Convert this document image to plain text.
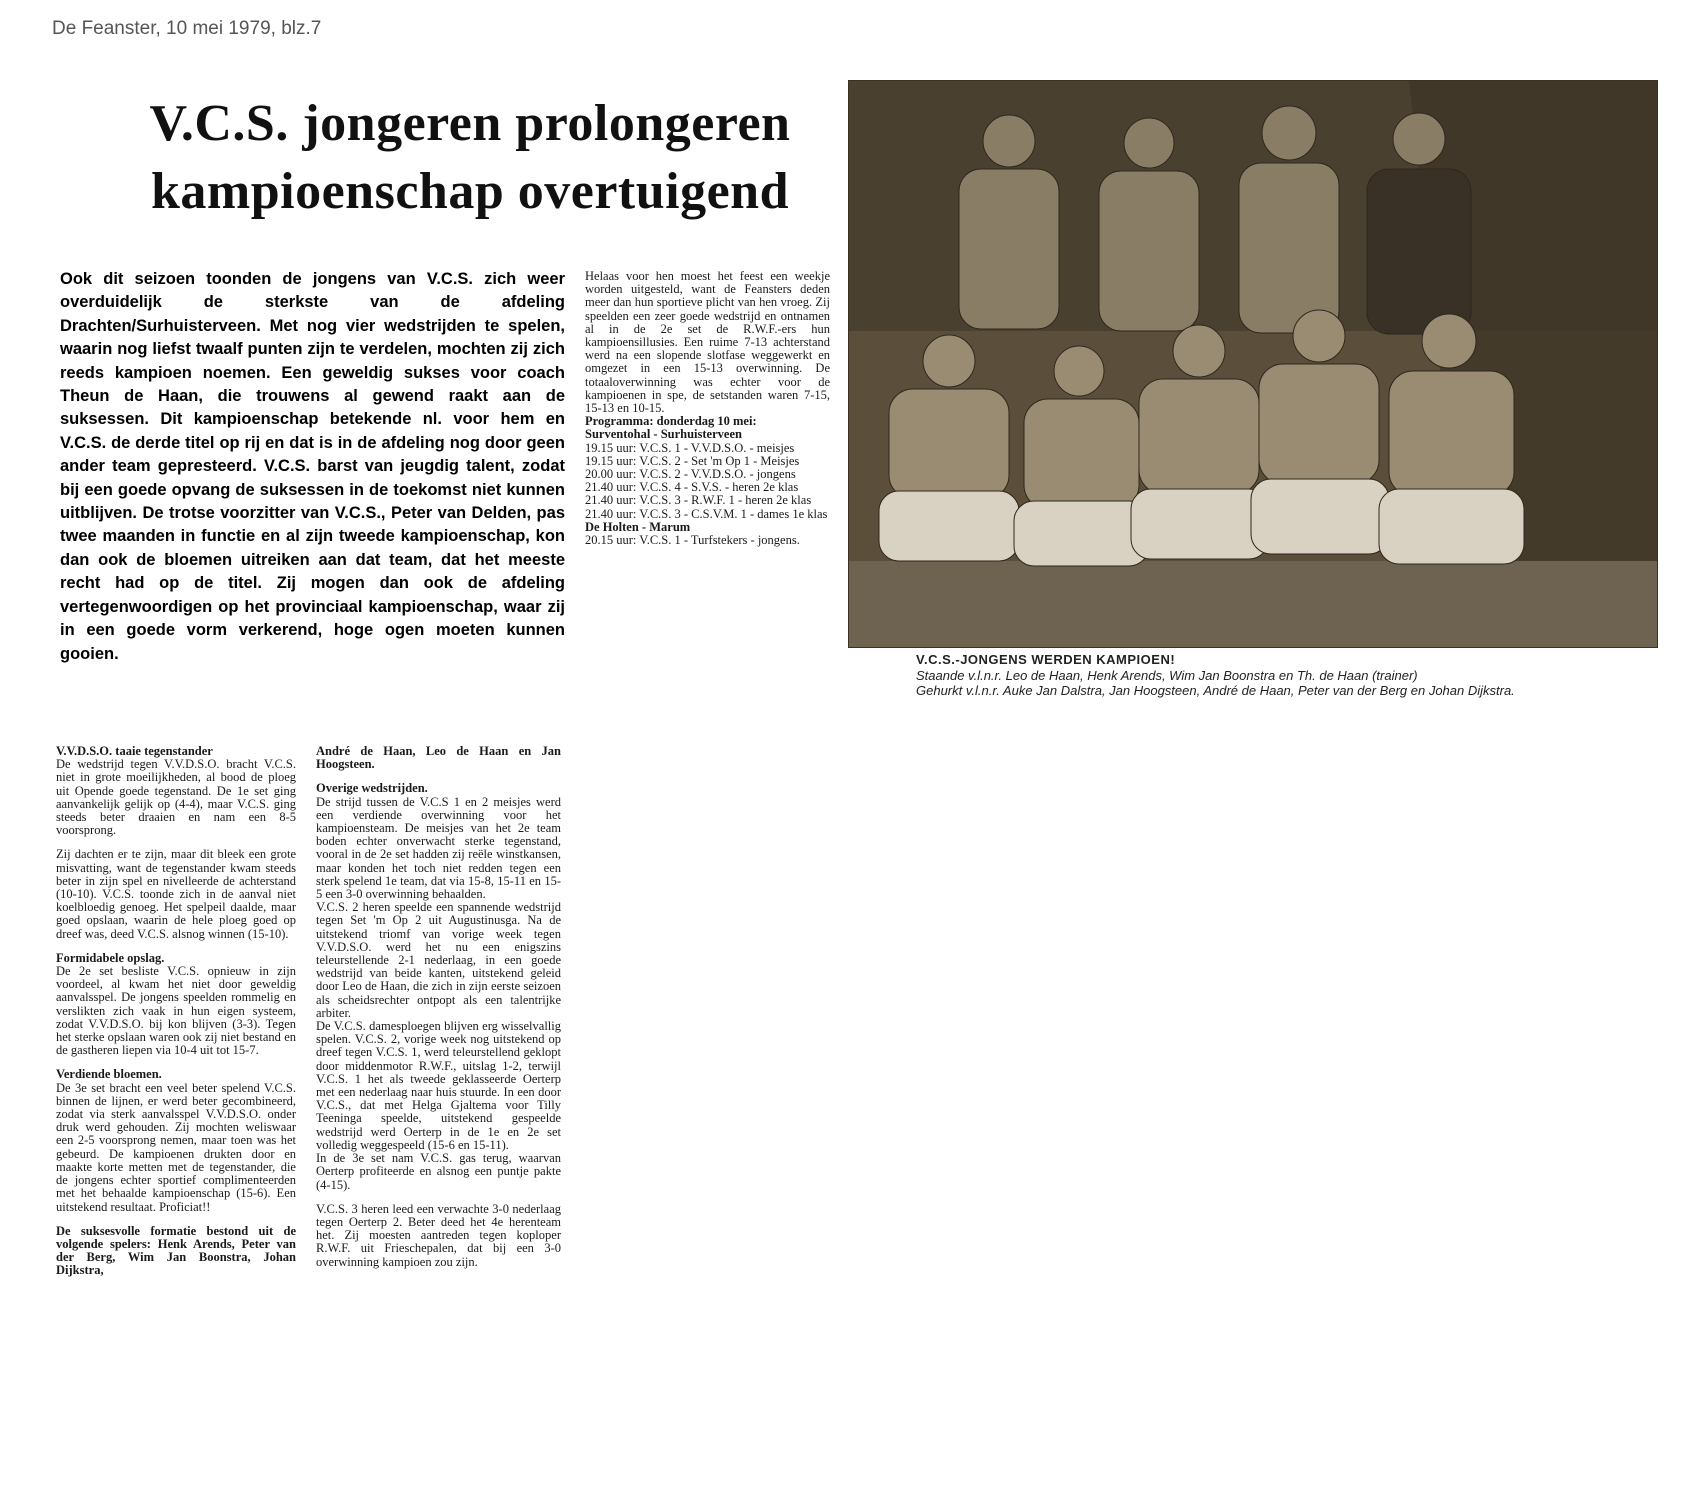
De Feanster, 10 mei 1979, blz.7
V.C.S. jongeren prolongeren
kampioenschap overtuigend
Ook dit seizoen toonden de jongens van V.C.S. zich weer overduidelijk de sterkste van de afdeling Drachten/Surhuisterveen. Met nog vier wedstrijden te spelen, waarin nog liefst twaalf punten zijn te verdelen, mochten zij zich reeds kampioen noemen. Een geweldig sukses voor coach Theun de Haan, die trouwens al gewend raakt aan de suksessen. Dit kampioenschap betekende nl. voor hem en V.C.S. de derde titel op rij en dat is in de afdeling nog door geen ander team gepresteerd. V.C.S. barst van jeugdig talent, zodat bij een goede opvang de suksessen in de toekomst niet kunnen uitblijven. De trotse voorzitter van V.C.S., Peter van Delden, pas twee maanden in functie en al zijn tweede kampioenschap, kon dan ook de bloemen uitreiken aan dat team, dat het meeste recht had op de titel. Zij mogen dan ook de afdeling vertegenwoordigen op het provinciaal kampioenschap, waar zij in een goede vorm verkerend, hoge ogen moeten kunnen gooien.

V.V.D.S.O. taaie tegenstander
De wedstrijd tegen V.V.D.S.O. bracht V.C.S. niet in grote moeilijkheden, al bood de ploeg uit Opende goede tegenstand. De 1e set ging aanvankelijk gelijk op (4-4), maar V.C.S. ging steeds beter draaien en nam een 8-5 voorsprong.

Zij dachten er te zijn, maar dit bleek een grote misvatting, want de tegenstander kwam steeds beter in zijn spel en nivelleerde de achterstand (10-10). V.C.S. toonde zich in de aanval niet koelbloedig genoeg. Het spelpeil daalde, maar goed opslaan, waarin de hele ploeg goed op dreef was, deed V.C.S. alsnog winnen (15-10).

Formidabele opslag.
De 2e set besliste V.C.S. opnieuw in zijn voordeel, al kwam het niet door geweldig aanvalsspel. De jongens speelden rommelig en verslikten zich vaak in hun eigen systeem, zodat V.V.D.S.O. bij kon blijven (3-3). Tegen het sterke opslaan waren ook zij niet bestand en de gastheren liepen via 10-4 uit tot 15-7.

Verdiende bloemen.
De 3e set bracht een veel beter spelend V.C.S. binnen de lijnen, er werd beter gecombineerd, zodat via sterk aanvalsspel V.V.D.S.O. onder druk werd gehouden. Zij mochten weliswaar een 2-5 voorsprong nemen, maar toen was het gebeurd. De kampioenen drukten door en maakte korte metten met de tegenstander, die de jongens echter sportief complimenteerden met het behaalde kampioenschap (15-6). Een uitstekend resultaat. Proficiat!!

De suksesvolle formatie bestond uit de volgende spelers: Henk Arends, Peter van der Berg, Wim Jan Boonstra, Johan Dijkstra,

André de Haan, Leo de Haan en Jan Hoogsteen.

Overige wedstrijden.
De strijd tussen de V.C.S 1 en 2 meisjes werd een verdiende overwinning voor het kampioensteam. De meisjes van het 2e team boden echter onverwacht sterke tegenstand, vooral in de 2e set hadden zij reële winstkansen, maar konden het toch niet redden tegen een sterk spelend 1e team, dat via 15-8, 15-11 en 15-5 een 3-0 overwinning behaalden.

V.C.S. 2 heren speelde een spannende wedstrijd tegen Set 'm Op 2 uit Augustinusga. Na de uitstekend triomf van vorige week tegen V.V.D.S.O. werd het nu een enigszins teleurstellende 2-1 nederlaag, in een goede wedstrijd van beide kanten, uitstekend geleid door Leo de Haan, die zich in zijn eerste seizoen als scheidsrechter ontpopt als een talentrijke arbiter.

De V.C.S. damesploegen blijven erg wisselvallig spelen. V.C.S. 2, vorige week nog uitstekend op dreef tegen V.C.S. 1, werd teleurstellend geklopt door middenmotor R.W.F., uitslag 1-2, terwijl V.C.S. 1 het als tweede geklasseerde Oerterp met een nederlaag naar huis stuurde. In een door V.C.S., dat met Helga Gjaltema voor Tilly Teeninga speelde, uitstekend gespeelde wedstrijd werd Oerterp in de 1e en 2e set volledig weggespeeld (15-6 en 15-11).

In de 3e set nam V.C.S. gas terug, waarvan Oerterp profiteerde en alsnog een puntje pakte (4-15).

V.C.S. 3 heren leed een verwachte 3-0 nederlaag tegen Oerterp 2. Beter deed het 4e herenteam het. Zij moesten aantreden tegen koploper R.W.F. uit Frieschepalen, dat bij een 3-0 overwinning kampioen zou zijn.

Helaas voor hen moest het feest een weekje worden uitgesteld, want de Feansters deden meer dan hun sportieve plicht van hen vroeg. Zij speelden een zeer goede wedstrijd en ontnamen al in de 2e set de R.W.F.-ers hun kampioensillusies. Een ruime 7-13 achterstand werd na een slopende slotfase weggewerkt en omgezet in een 15-13 overwinning. De totaaloverwinning was echter voor de kampioenen in spe, de setstanden waren 7-15, 15-13 en 10-15.

Programma: donderdag 10 mei:
Surventohal - Surhuisterveen

19.15 uur: V.C.S. 1 - V.V.D.S.O. - meisjes

19.15 uur: V.C.S. 2 - Set 'm Op 1 - Meisjes

20.00 uur: V.C.S. 2 - V.V.D.S.O. - jongens

21.40 uur: V.C.S. 4 - S.V.S. - heren 2e klas

21.40 uur: V.C.S. 3 - R.W.F. 1 - heren 2e klas

21.40 uur: V.C.S. 3 - C.S.V.M. 1 - dames 1e klas

De Holten - Marum

20.15 uur: V.C.S. 1 - Turfstekers - jongens.

V.C.S.-JONGENS WERDEN KAMPIOEN!
Staande v.l.n.r. Leo de Haan, Henk Arends, Wim Jan Boonstra en Th. de Haan (trainer)
Gehurkt v.l.n.r. Auke Jan Dalstra, Jan Hoogsteen, André de Haan, Peter van der Berg en Johan Dijkstra.
